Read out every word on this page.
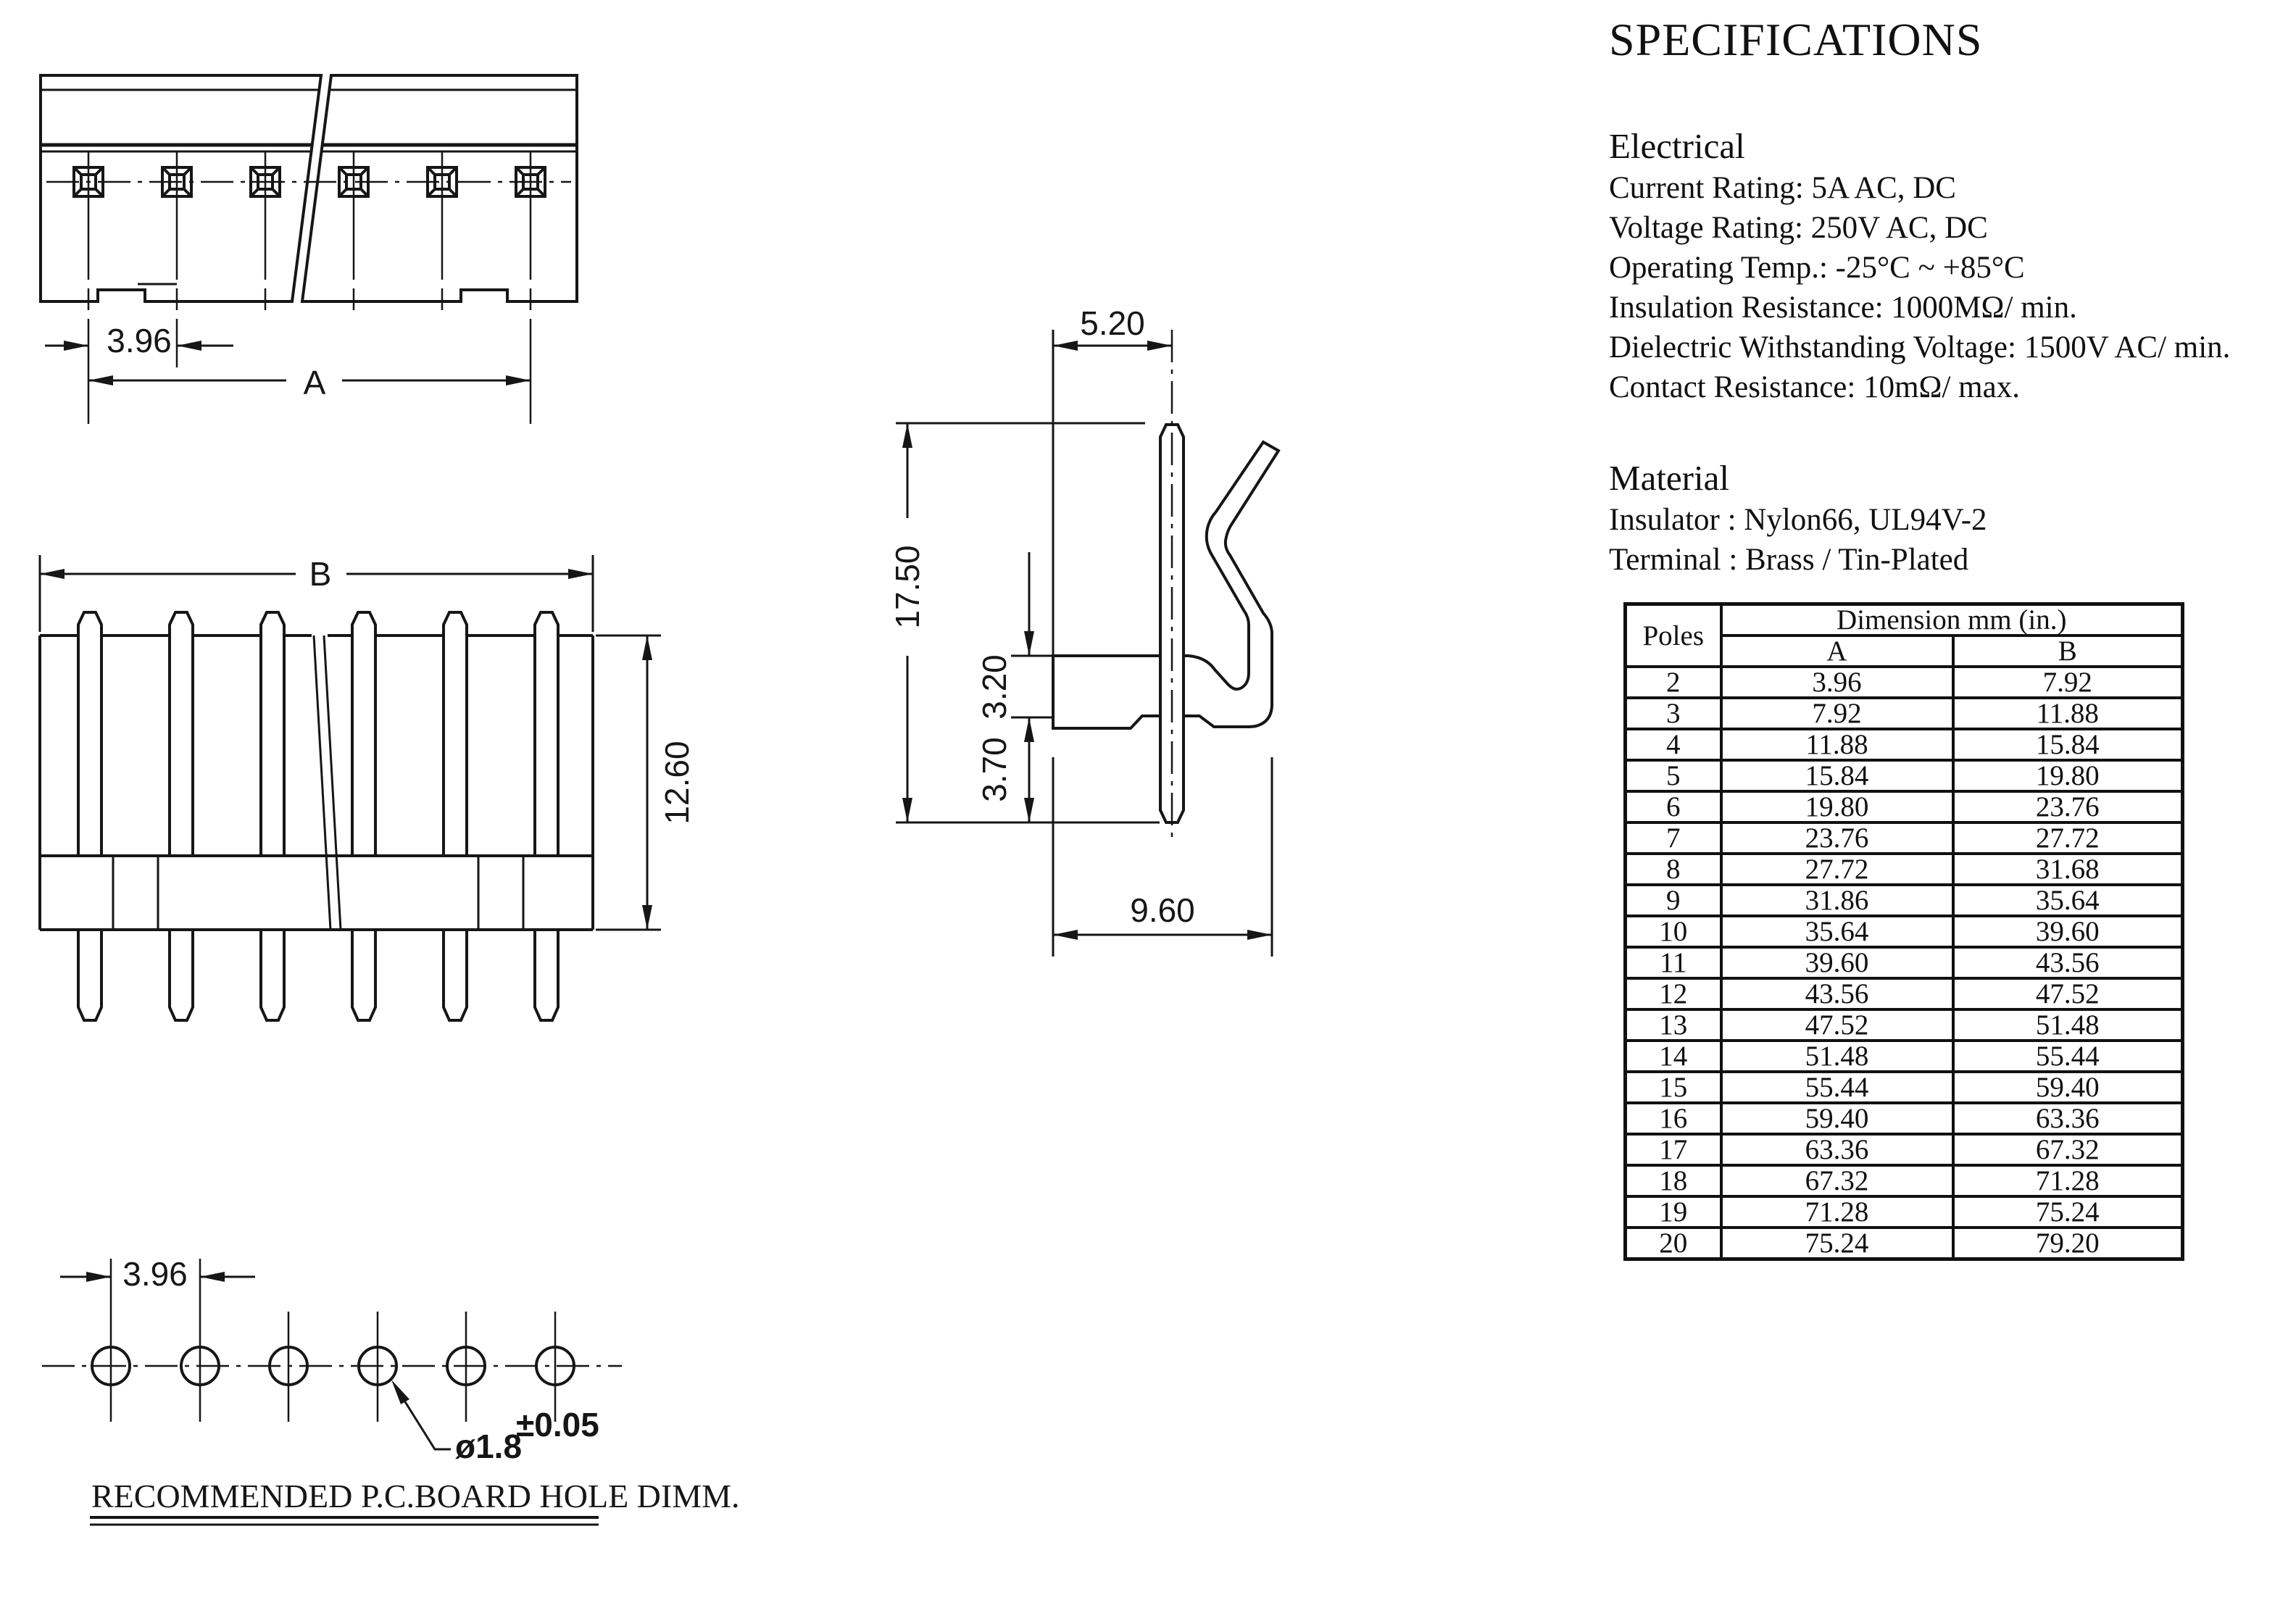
3.96
A
B
12.60
5.20
17.50
3.20
3.70
9.60
3.96
ø1.8
±0.05
RECOMMENDED P.C.BOARD HOLE DIMM.
SPECIFICATIONS
Electrical
Current Rating: 5A AC, DC
Voltage Rating: 250V AC, DC
Operating Temp.: -25°C ~ +85°C
Insulation Resistance: 1000MΩ/ min.
Dielectric Withstanding Voltage: 1500V AC/ min.
Contact Resistance: 10mΩ/ max.
Material
Insulator : Nylon66, UL94V-2
Terminal : Brass / Tin-Plated
Poles	Dimension mm (in.)	
	A	B
2	3.96	7.92
3	7.92	11.88
4	11.88	15.84
5	15.84	19.80
6	19.80	23.76
7	23.76	27.72
8	27.72	31.68
9	31.86	35.64
10	35.64	39.60
11	39.60	43.56
12	43.56	47.52
13	47.52	51.48
14	51.48	55.44
15	55.44	59.40
16	59.40	63.36
17	63.36	67.32
18	67.32	71.28
19	71.28	75.24
20	75.24	79.20
